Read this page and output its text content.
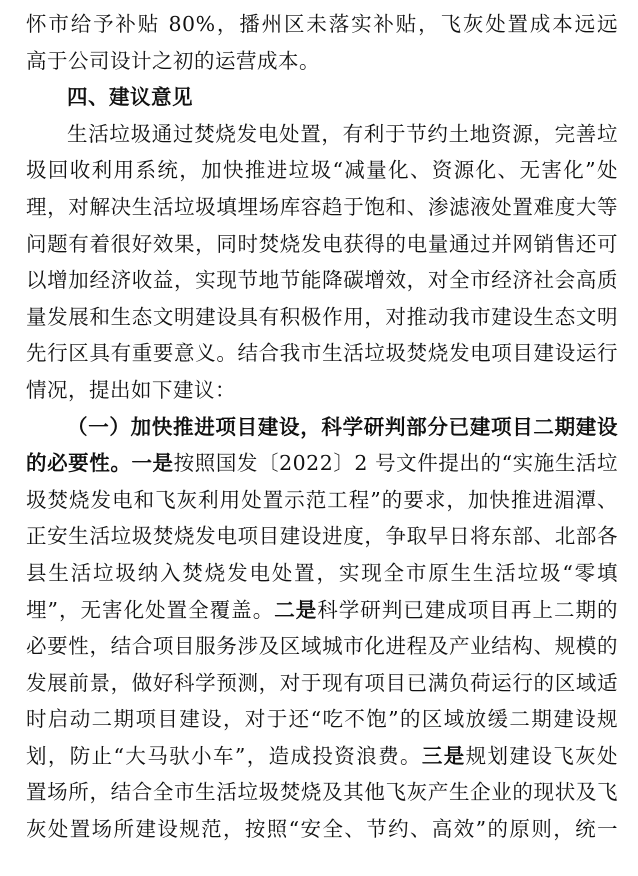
怀市给予补贴 80%，播州区未落实补贴，飞灰处置成本远远
高于公司设计之初的运营成本。
四、建议意见
生活垃圾通过焚烧发电处置，有利于节约土地资源，完善垃
圾回收利用系统，加快推进垃圾“减量化、资源化、无害化”处
理，对解决生活垃圾填埋场库容趋于饱和、渗滤液处置难度大等
问题有着很好效果，同时焚烧发电获得的电量通过并网销售还可
以增加经济收益，实现节地节能降碳增效，对全市经济社会高质
量发展和生态文明建设具有积极作用，对推动我市建设生态文明
先行区具有重要意义。结合我市生活垃圾焚烧发电项目建设运行
情况，提出如下建议：
（一）加快推进项目建设，科学研判部分已建项目二期建设
的必要性。一是按照国发〔2022〕2 号文件提出的“实施生活垃
圾焚烧发电和飞灰利用处置示范工程”的要求，加快推进湄潭、
正安生活垃圾焚烧发电项目建设进度，争取早日将东部、北部各
县生活垃圾纳入焚烧发电处置，实现全市原生生活垃圾“零填
埋”，无害化处置全覆盖。二是科学研判已建成项目再上二期的
必要性，结合项目服务涉及区域城市化进程及产业结构、规模的
发展前景，做好科学预测，对于现有项目已满负荷运行的区域适
时启动二期项目建设，对于还“吃不饱”的区域放缓二期建设规
划，防止“大马驮小车”，造成投资浪费。三是规划建设飞灰处
置场所，结合全市生活垃圾焚烧及其他飞灰产生企业的现状及飞
灰处置场所建设规范，按照“安全、节约、高效”的原则，统一
